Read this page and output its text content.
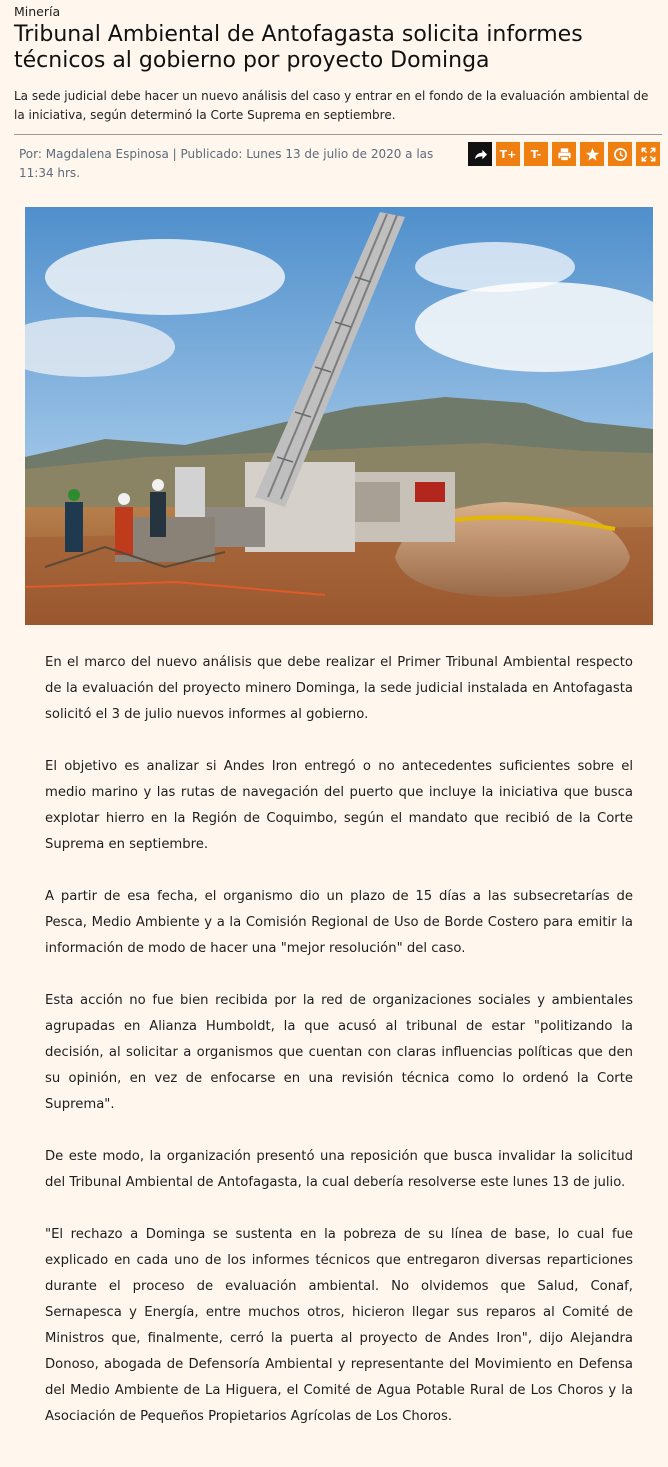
Minería
Tribunal Ambiental de Antofagasta solicita informes técnicos al gobierno por proyecto Dominga

La sede judicial debe hacer un nuevo análisis del caso y entrar en el fondo de la evaluación ambiental de la iniciativa, según determinó la Corte Suprema en septiembre.

Por: Magdalena Espinosa | Publicado: Lunes 13 de julio de 2020 a las 11:34 hrs.
T+	T-

En el marco del nuevo análisis que debe realizar el Primer Tribunal Ambiental respecto de la evaluación del proyecto minero Dominga, la sede judicial instalada en Antofagasta solicitó el 3 de julio nuevos informes al gobierno.

El objetivo es analizar si Andes Iron entregó o no antecedentes suficientes sobre el medio marino y las rutas de navegación del puerto que incluye la iniciativa que busca explotar hierro en la Región de Coquimbo, según el mandato que recibió de la Corte Suprema en septiembre.

A partir de esa fecha, el organismo dio un plazo de 15 días a las subsecretarías de Pesca, Medio Ambiente y a la Comisión Regional de Uso de Borde Costero para emitir la información de modo de hacer una "mejor resolución" del caso.

Esta acción no fue bien recibida por la red de organizaciones sociales y ambientales agrupadas en Alianza Humboldt, la que acusó al tribunal de estar "politizando la decisión, al solicitar a organismos que cuentan con claras influencias políticas que den su opinión, en vez de enfocarse en una revisión técnica como lo ordenó la Corte Suprema".

De este modo, la organización presentó una reposición que busca invalidar la solicitud del Tribunal Ambiental de Antofagasta, la cual debería resolverse este lunes 13 de julio.

"El rechazo a Dominga se sustenta en la pobreza de su línea de base, lo cual fue explicado en cada uno de los informes técnicos que entregaron diversas reparticiones durante el proceso de evaluación ambiental. No olvidemos que Salud, Conaf, Sernapesca y Energía, entre muchos otros, hicieron llegar sus reparos al Comité de Ministros que, finalmente, cerró la puerta al proyecto de Andes Iron", dijo Alejandra Donoso, abogada de Defensoría Ambiental y representante del Movimiento en Defensa del Medio Ambiente de La Higuera, el Comité de Agua Potable Rural de Los Choros y la Asociación de Pequeños Propietarios Agrícolas de Los Choros.
